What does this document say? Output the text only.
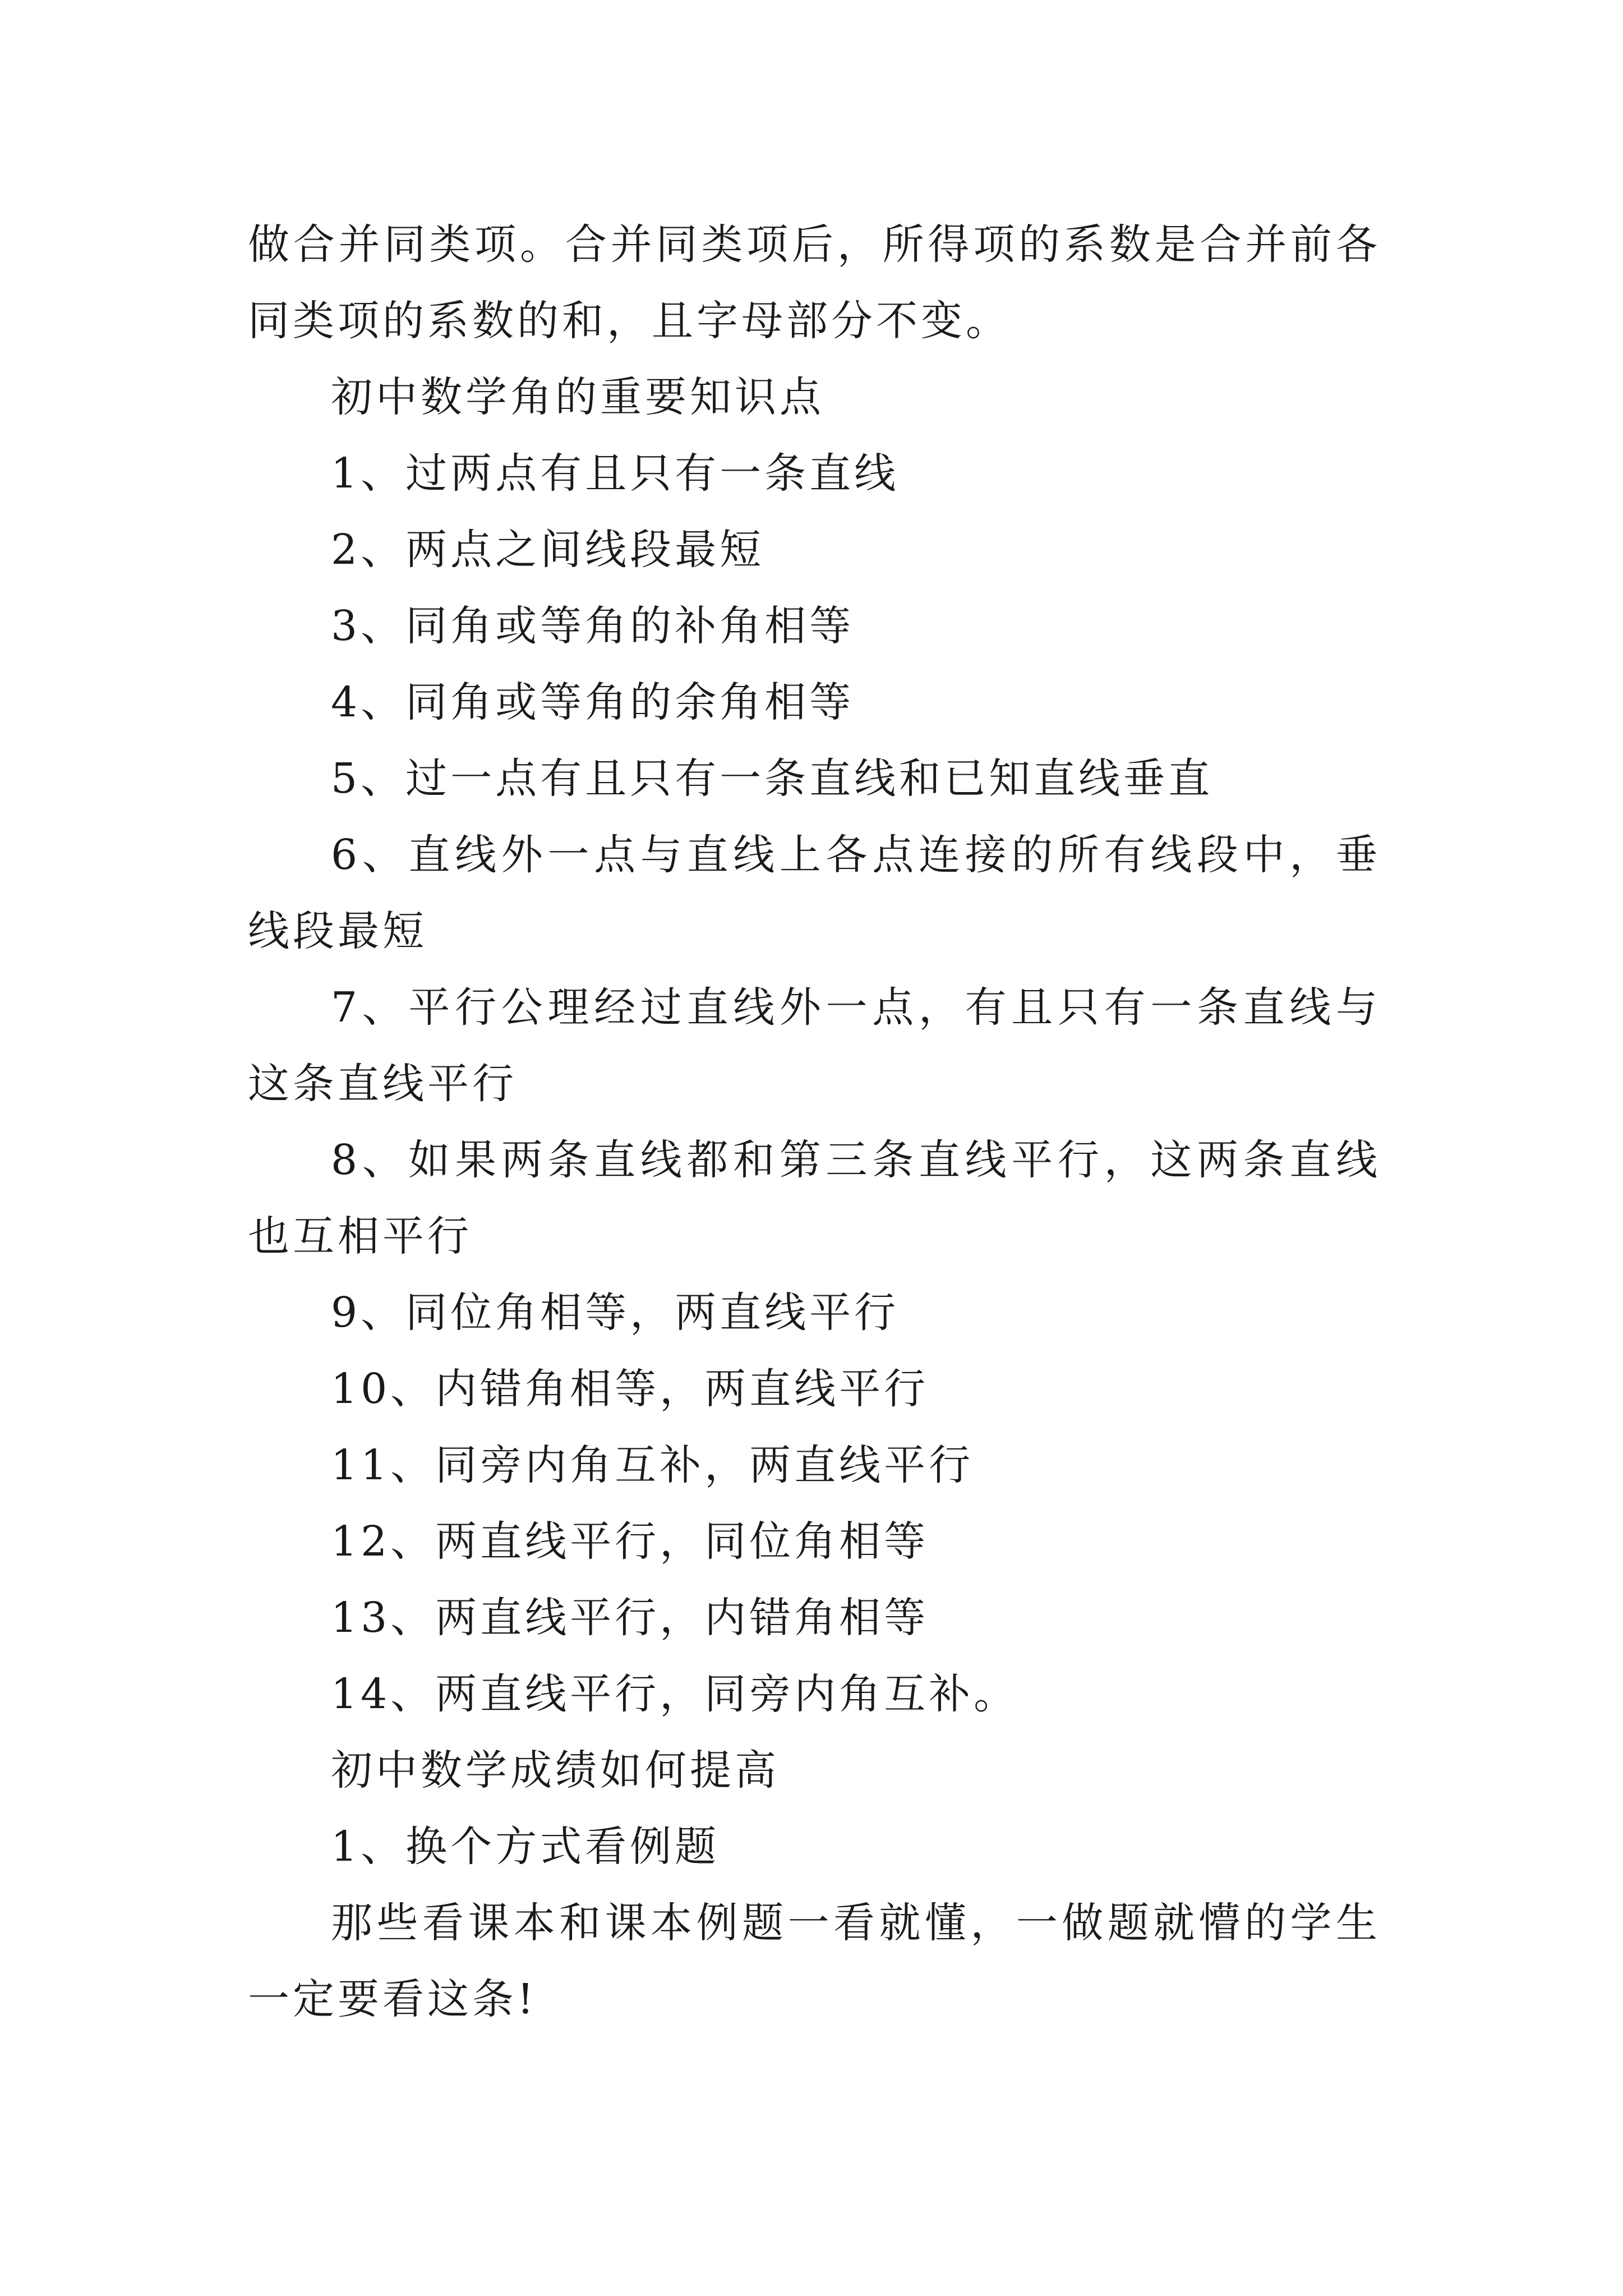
做合并同类项。合并同类项后，所得项的系数是合并前各同类项的系数的和，且字母部分不变。

初中数学角的重要知识点

1、过两点有且只有一条直线

2、两点之间线段最短

3、同角或等角的补角相等

4、同角或等角的余角相等

5、过一点有且只有一条直线和已知直线垂直

6、直线外一点与直线上各点连接的所有线段中，垂线段最短

7、平行公理经过直线外一点，有且只有一条直线与这条直线平行

8、如果两条直线都和第三条直线平行，这两条直线也互相平行

9、同位角相等，两直线平行

10、内错角相等，两直线平行

11、同旁内角互补，两直线平行

12、两直线平行，同位角相等

13、两直线平行，内错角相等

14、两直线平行，同旁内角互补。

初中数学成绩如何提高

1、换个方式看例题

那些看课本和课本例题一看就懂，一做题就懵的学生一定要看这条!
